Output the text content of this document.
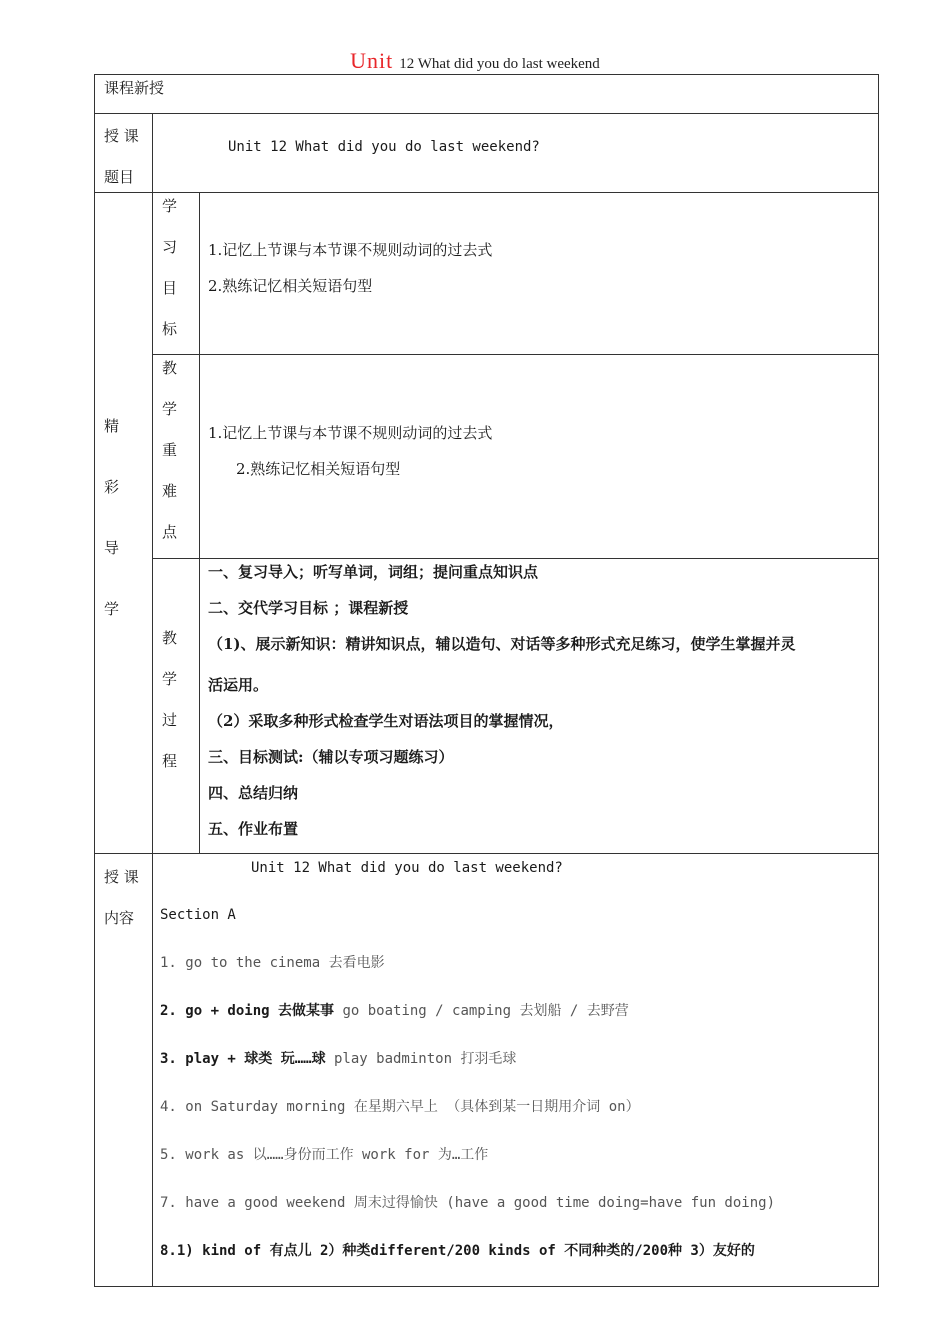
Unit 12 What did you do last weekend
课程新授
授 课
题目
Unit 12 What did you do last weekend?
精
彩
导
学
学
习
目
标
1.记忆上节课与本节课不规则动词的过去式
2.熟练记忆相关短语句型
教
学
重
难
点
1.记忆上节课与本节课不规则动词的过去式
2.熟练记忆相关短语句型
教
学
过
程
一、复习导入；听写单词，词组；提问重点知识点
二、交代学习目标 ；课程新授
（1)、展示新知识：精讲知识点，辅以造句、对话等多种形式充足练习，使学生掌握并灵
活运用。
（2）采取多种形式检查学生对语法项目的掌握情况，
三、目标测试:（辅以专项习题练习）
四、总结归纳
五、作业布置
授 课
内容
Unit 12 What did you do last weekend?
Section A
1. go to the cinema 去看电影
2. go + doing 去做某事 go boating / camping 去划船 / 去野营
3. play + 球类 玩……球 play badminton 打羽毛球
4. on Saturday morning 在星期六早上 （具体到某一日期用介词 on）
5. work as 以……身份而工作 work for 为…工作
7. have a good weekend 周末过得愉快 (have a good time doing=have fun doing)
8.1) kind of 有点儿 2）种类different/200 kinds of 不同种类的/200种 3）友好的
